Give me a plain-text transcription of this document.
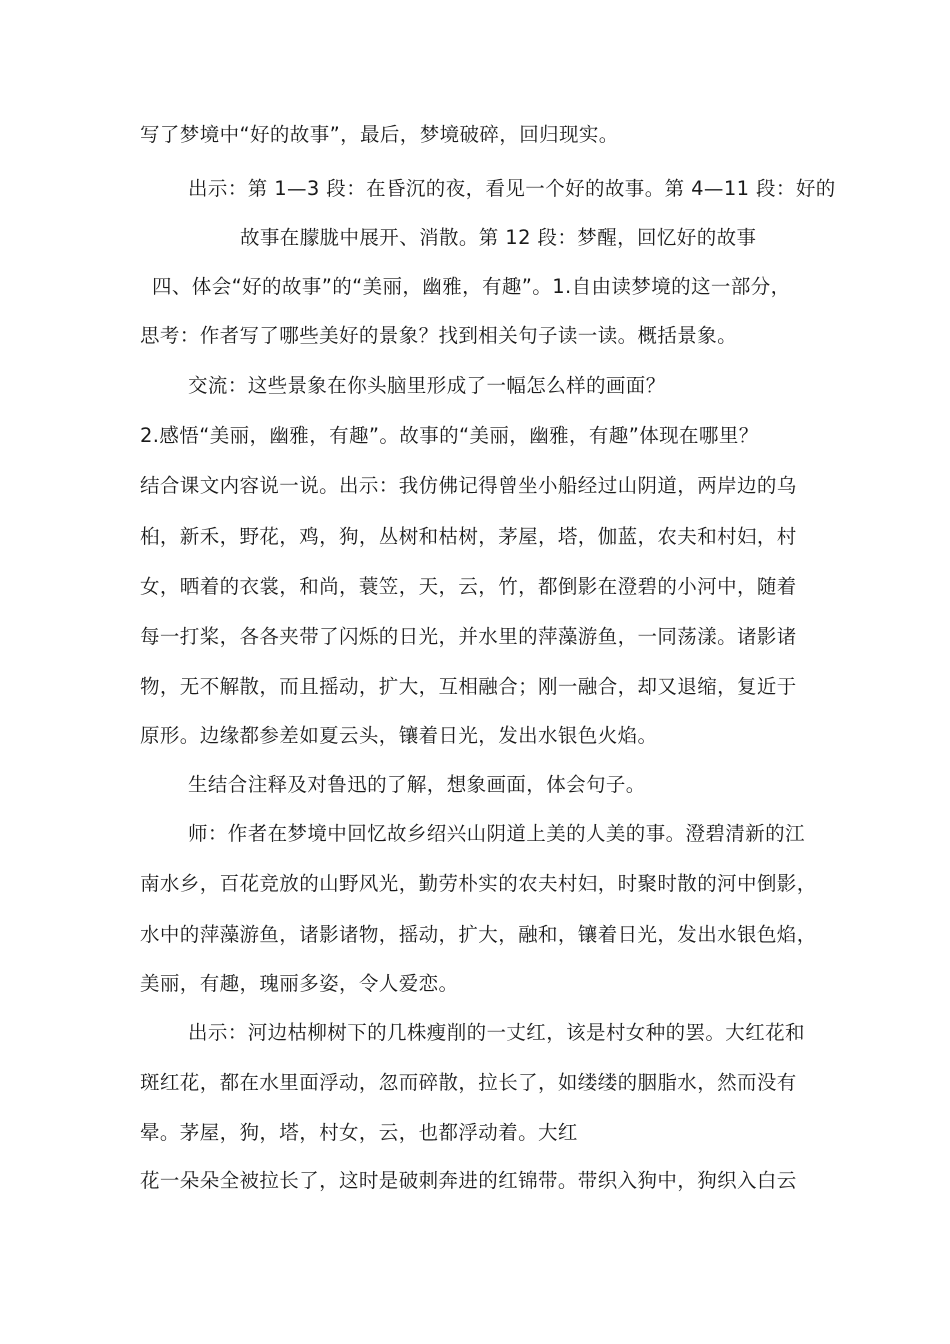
写了梦境中“好的故事”，最后，梦境破碎，回归现实。
出示：第 1—3 段：在昏沉的夜，看见一个好的故事。第 4—11 段：好的
故事在朦胧中展开、消散。第 12 段：梦醒，回忆好的故事
四、体会“好的故事”的“美丽，幽雅，有趣”。1.自由读梦境的这一部分，
思考：作者写了哪些美好的景象？找到相关句子读一读。概括景象。
交流：这些景象在你头脑里形成了一幅怎么样的画面？
2.感悟“美丽，幽雅，有趣”。故事的“美丽，幽雅，有趣”体现在哪里？
结合课文内容说一说。出示：我仿佛记得曾坐小船经过山阴道，两岸边的乌
桕，新禾，野花，鸡，狗，丛树和枯树，茅屋，塔，伽蓝，农夫和村妇，村
女，晒着的衣裳，和尚，蓑笠，天，云，竹，都倒影在澄碧的小河中，随着
每一打桨，各各夹带了闪烁的日光，并水里的萍藻游鱼，一同荡漾。诸影诸
物，无不解散，而且摇动，扩大，互相融合；刚一融合，却又退缩，复近于
原形。边缘都参差如夏云头，镶着日光，发出水银色火焰。
生结合注释及对鲁迅的了解，想象画面，体会句子。
师：作者在梦境中回忆故乡绍兴山阴道上美的人美的事。澄碧清新的江
南水乡，百花竞放的山野风光，勤劳朴实的农夫村妇，时聚时散的河中倒影，
水中的萍藻游鱼，诸影诸物，摇动，扩大，融和，镶着日光，发出水银色焰，
美丽，有趣，瑰丽多姿，令人爱恋。
出示：河边枯柳树下的几株瘦削的一丈红，该是村女种的罢。大红花和
斑红花，都在水里面浮动，忽而碎散，拉长了，如缕缕的胭脂水，然而没有
晕。茅屋，狗，塔，村女，云，也都浮动着。大红
花一朵朵全被拉长了，这时是破刺奔进的红锦带。带织入狗中，狗织入白云
